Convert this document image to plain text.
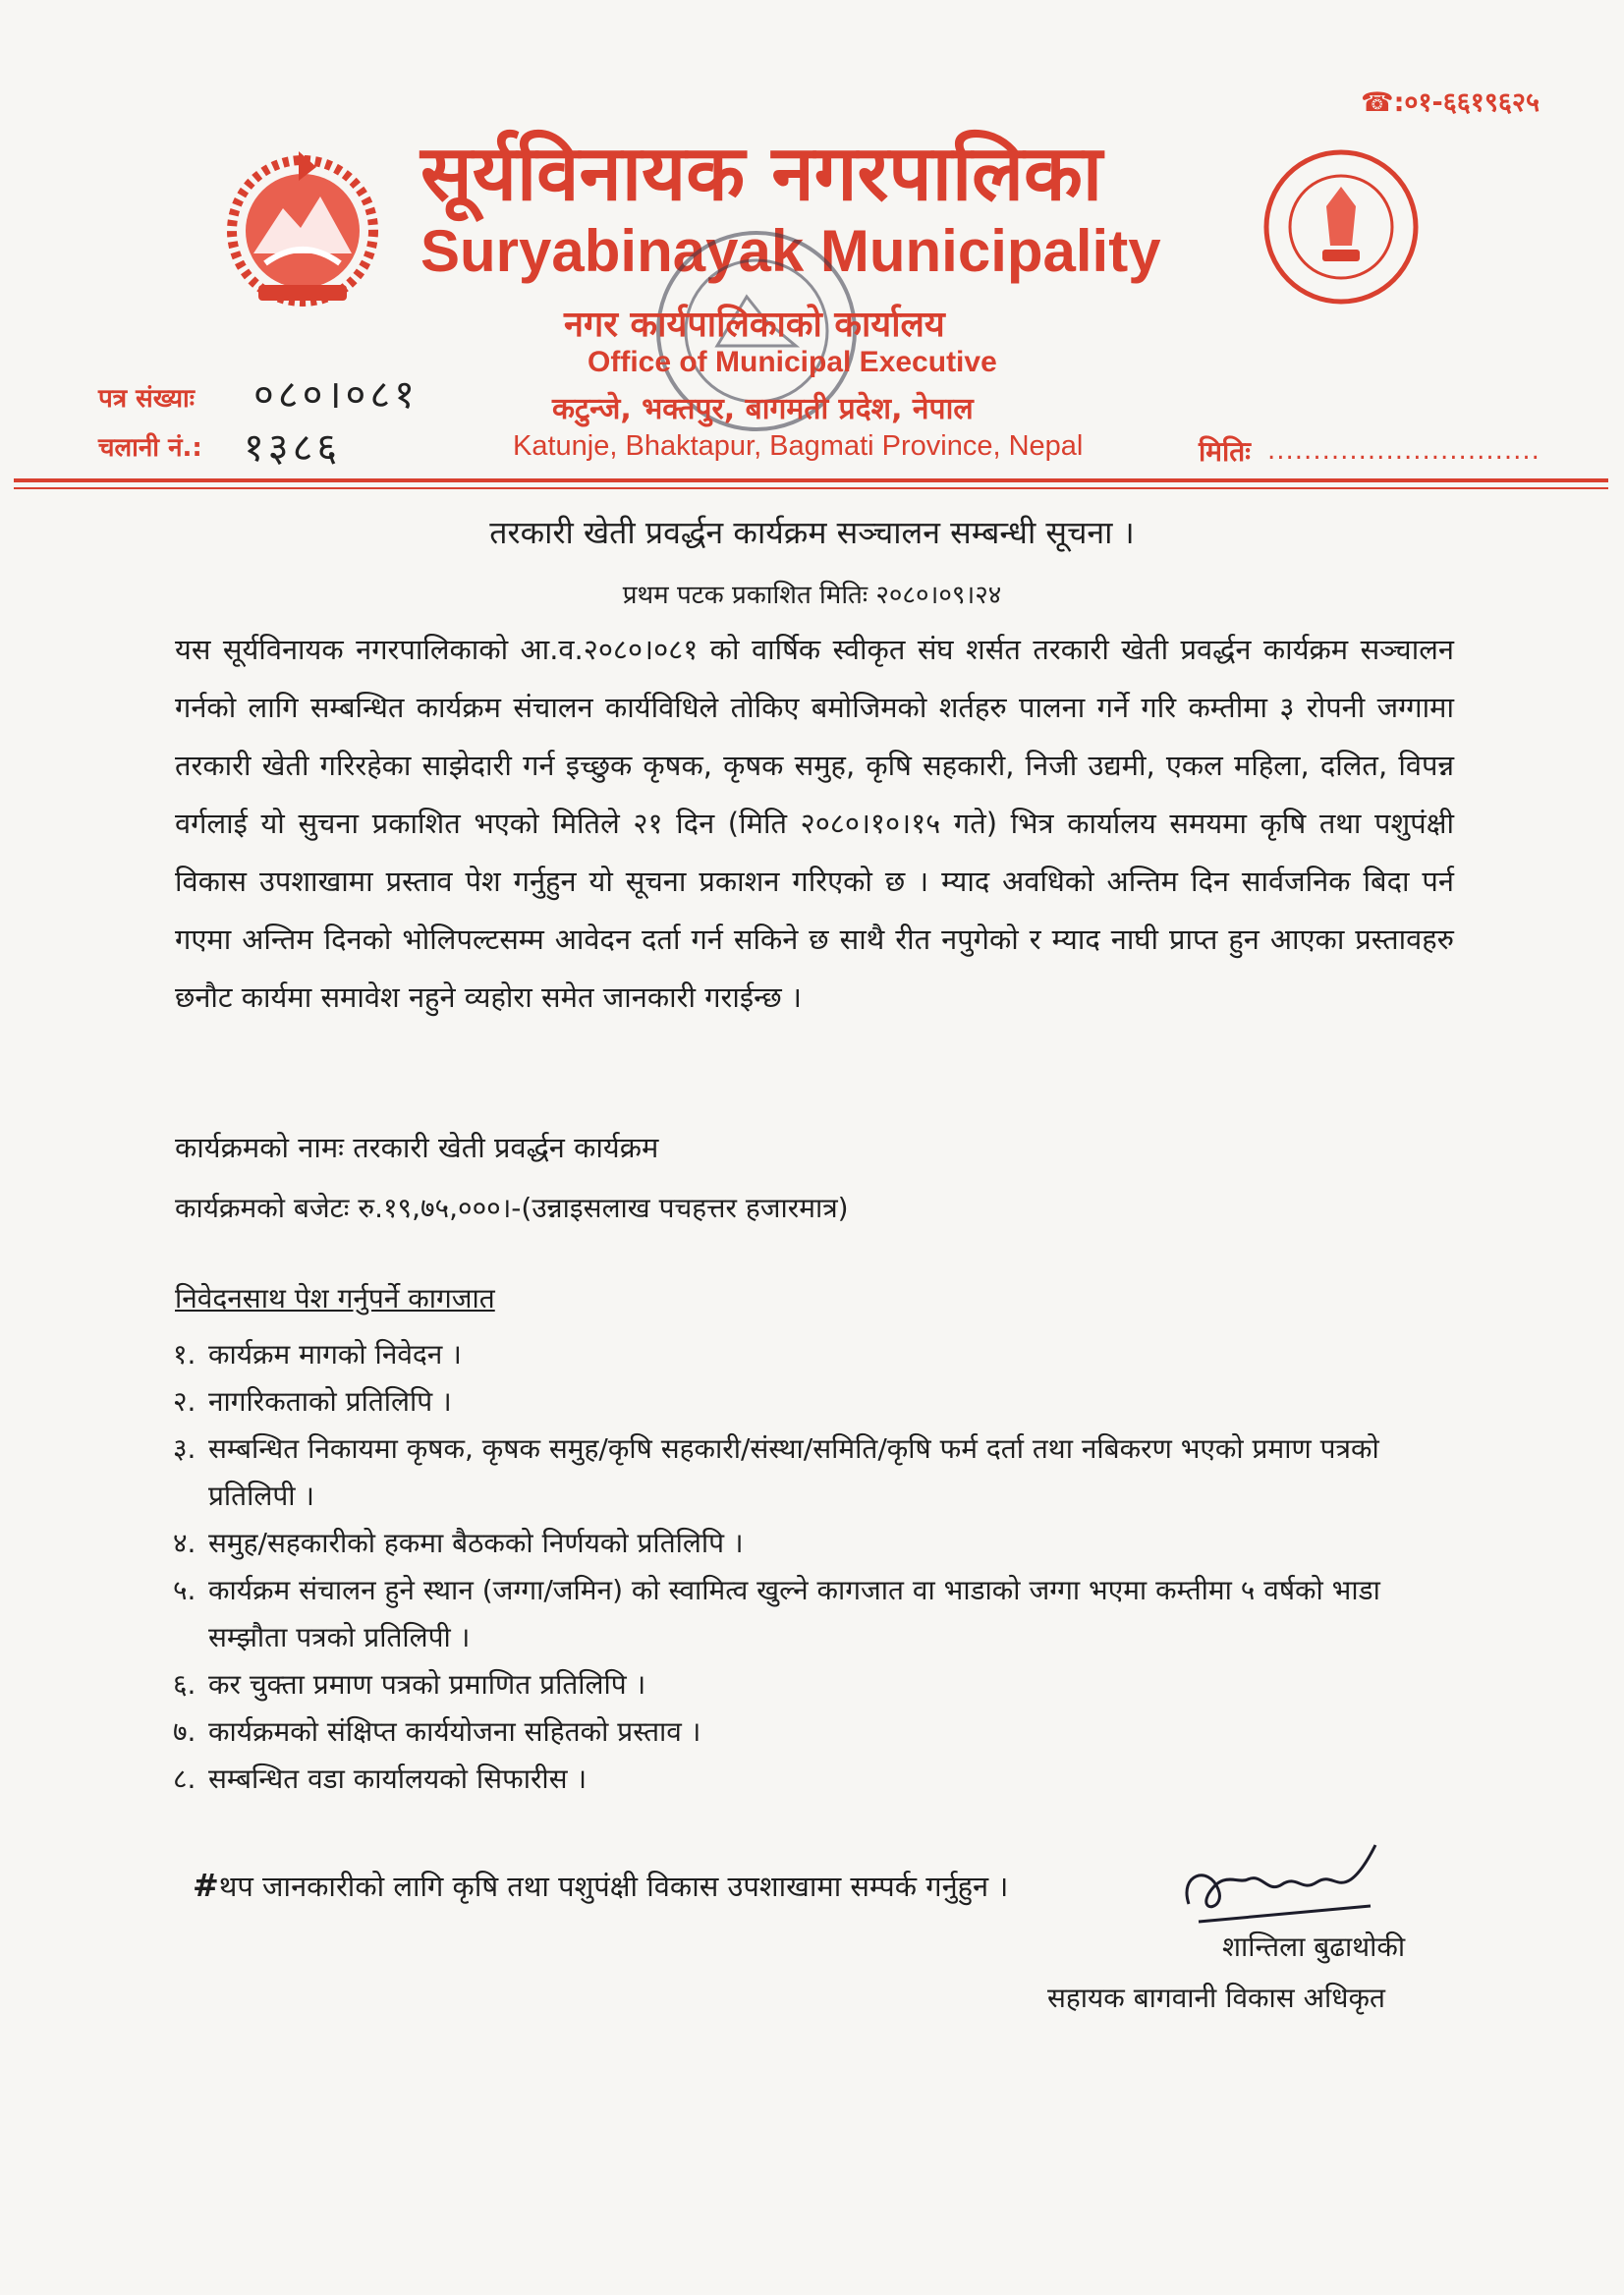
☎:०१-६६१९६२५
सूर्यविनायक नगरपालिका
Suryabinayak Municipality
नगर कार्यपालिकाको कार्यालय
Office of Municipal Executive
कटुन्जे, भक्तपुर, बागमती प्रदेश, नेपाल
Katunje, Bhaktapur, Bagmati Province, Nepal
पत्र संख्याः ०८०।०८१
चलानी नं.: १३८६	मितिः ..............................
तरकारी खेती प्रवर्द्धन कार्यक्रम सञ्चालन सम्बन्धी सूचना ।
प्रथम पटक प्रकाशित मितिः २०८०।०९।२४
यस सूर्यविनायक नगरपालिकाको आ.व.२०८०।०८१ को वार्षिक स्वीकृत संघ शर्सत तरकारी खेती प्रवर्द्धन कार्यक्रम सञ्चालन गर्नको लागि सम्बन्धित कार्यक्रम संचालन कार्यविधिले तोकिए बमोजिमको शर्तहरु पालना गर्ने गरि कम्तीमा ३ रोपनी जग्गामा तरकारी खेती गरिरहेका साझेदारी गर्न इच्छुक कृषक, कृषक समुह, कृषि सहकारी, निजी उद्यमी, एकल महिला, दलित, विपन्न वर्गलाई यो सुचना प्रकाशित भएको मितिले २१ दिन (मिति २०८०।१०।१५ गते) भित्र कार्यालय समयमा कृषि तथा पशुपंक्षी विकास उपशाखामा प्रस्ताव पेश गर्नुहुन यो सूचना प्रकाशन गरिएको छ । म्याद अवधिको अन्तिम दिन सार्वजनिक बिदा पर्न गएमा अन्तिम दिनको भोलिपल्टसम्म आवेदन दर्ता गर्न सकिने छ साथै रीत नपुगेको र म्याद नाघी प्राप्त हुन आएका प्रस्तावहरु छनौट कार्यमा समावेश नहुने व्यहोरा समेत जानकारी गराईन्छ ।
कार्यक्रमको नामः तरकारी खेती प्रवर्द्धन कार्यक्रम
कार्यक्रमको बजेटः रु.१९,७५,०००।-(उन्नाइसलाख पचहत्तर हजारमात्र)
निवेदनसाथ पेश गर्नुपर्ने कागजात
१. कार्यक्रम मागको निवेदन ।
२. नागरिकताको प्रतिलिपि ।
३. सम्बन्धित निकायमा कृषक, कृषक समुह/कृषि सहकारी/संस्था/समिति/कृषि फर्म दर्ता तथा नबिकरण भएको प्रमाण पत्रको प्रतिलिपी ।
४. समुह/सहकारीको हकमा बैठकको निर्णयको प्रतिलिपि ।
५. कार्यक्रम संचालन हुने स्थान (जग्गा/जमिन) को स्वामित्व खुल्ने कागजात वा भाडाको जग्गा भएमा कम्तीमा ५ वर्षको भाडा सम्झौता पत्रको प्रतिलिपी ।
६. कर चुक्ता प्रमाण पत्रको प्रमाणित प्रतिलिपि ।
७. कार्यक्रमको संक्षिप्त कार्ययोजना सहितको प्रस्ताव ।
८. सम्बन्धित वडा कार्यालयको सिफारीस ।
#थप जानकारीको लागि कृषि तथा पशुपंक्षी विकास उपशाखामा सम्पर्क गर्नुहुन ।
शान्तिला बुढाथोकी
सहायक बागवानी विकास अधिकृत
